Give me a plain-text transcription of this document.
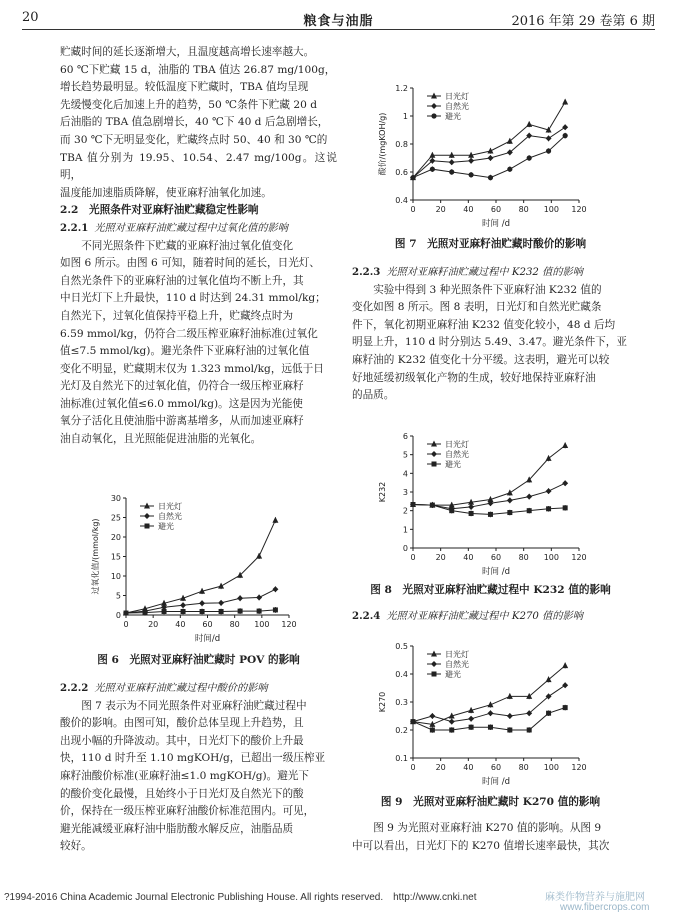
20	粮食与油脂	2016 年第 29 卷第 6 期

贮藏时间的延长逐渐增大，且温度越高增长速率越大。

60 ℃下贮藏 15 d，油脂的 TBA 值达 26.87 mg/100g，

增长趋势最明显。较低温度下贮藏时，TBA 值均呈现

先缓慢变化后加速上升的趋势，50 ℃条件下贮藏 20 d

后油脂的 TBA 值急剧增长，40 ℃下 40 d 后急剧增长，

而 30 ℃下无明显变化，贮藏终点时 50、40 和 30 ℃的

TBA 值分别为 19.95、10.54、2.47 mg/100g。这说明，

温度能加速脂质降解，使亚麻籽油氧化加速。

2.2　 光照条件对亚麻籽油贮藏稳定性影响

2.2.1 光照对亚麻籽油贮藏过程中过氧化值的影响

不同光照条件下贮藏的亚麻籽油过氧化值变化

如图 6 所示。由图 6 可知，随着时间的延长，日光灯、

自然光条件下的亚麻籽油的过氧化值均不断上升，其

中日光灯下上升最快，110 d 时达到 24.31 mmol/kg；

自然光下，过氧化值保持平稳上升，贮藏终点时为

6.59 mmol/kg，仍符合二级压榨亚麻籽油标准(过氧化

值≤7.5 mmol/kg)。避光条件下亚麻籽油的过氧化值

变化不明显，贮藏期末仅为 1.323 mmol/kg，远低于日

光灯及自然光下的过氧化值，仍符合一级压榨亚麻籽

油标准(过氧化值≤6.0 mmol/kg)。这是因为光能使

氧分子活化且使油脂中游离基增多，从而加速亚麻籽

油自动氧化，且光照能促进油脂的光氧化。

0 20 40 60 80 100 120
0
5
10
15
20
25
30
时间/d
过氧化值/(mmol/kg)
日光灯
自然光
避光
图 6　光照对亚麻籽油贮藏时 POV 的影响

2.2.2 光照对亚麻籽油贮藏过程中酸价的影响

图 7 表示为不同光照条件对亚麻籽油贮藏过程中

酸价的影响。由图可知，酸价总体呈现上升趋势，且

出现小幅的升降波动。其中，日光灯下的酸价上升最

快，110 d 时升至 1.10 mgKOH/g，已超出一级压榨亚

麻籽油酸价标准(亚麻籽油≤1.0 mgKOH/g)。避光下

的酸价变化最慢，且始终小于日光灯及自然光下的酸

价，保持在一级压榨亚麻籽油酸价标准范围内。可见，

避光能减缓亚麻籽油中脂肪酸水解反应，油脂品质

较好。

0	20 40 60 80 100 120
0.4
0.6
0.8
1
1.2
时间 /d
酸价/(mgKOH/g)
日光灯
自然光
避光
图 7　光照对亚麻籽油贮藏时酸价的影响

2.2.3 光照对亚麻籽油贮藏过程中 K232 值的影响

实验中得到 3 种光照条件下亚麻籽油 K232 值的

变化如图 8 所示。图 8 表明，日光灯和自然光贮藏条

件下，氧化初期亚麻籽油 K232 值变化较小，48 d 后均

明显上升，110 d 时分别达 5.49、3.47。避光条件下，亚

麻籽油的 K232 值变化十分平缓。这表明，避光可以较

好地延缓初级氧化产物的生成，较好地保持亚麻籽油

的品质。

0	20 40 60 80 100 120
0
1
2
3
4
5
6
时间 /d
K232
日光灯
自然光
避光
图 8　光照对亚麻籽油贮藏过程中 K232 值的影响

2.2.4 光照对亚麻籽油贮藏过程中 K270 值的影响

0	20 40 60 80 100 120
0.1
0.2
0.3
0.4
0.5
时间 /d
K270
日光灯
自然光
避光
图 9　光照对亚麻籽油贮藏时 K270 值的影响

图 9 为光照对亚麻籽油 K270 值的影响。从图 9

中可以看出，日光灯下的 K270 值增长速率最快，其次

?1994-2016 China Academic Journal Electronic Publishing House. All rights reserved.　http://www.cnki.net	麻类作物营养与施肥网
www.fibercrops.com
